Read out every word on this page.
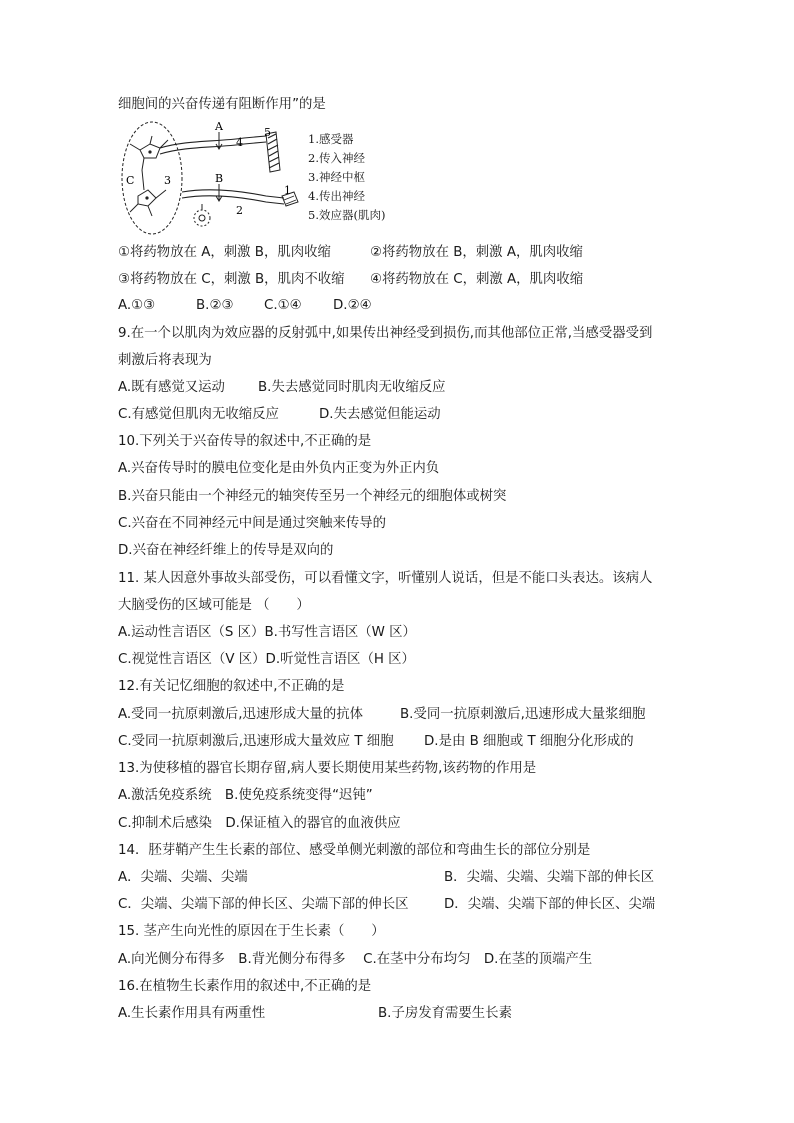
细胞间的兴奋传递有阻断作用”的是
A
B
C	3
4
5
1
2
1.感受器
2.传入神经
3.神经中枢
4.传出神经
5.效应器(肌肉)
①将药物放在 A，刺激 B，肌肉收缩	②将药物放在 B，刺激 A，肌肉收缩
③将药物放在 C，刺激 B，肌肉不收缩 ④将药物放在 C，刺激 A，肌肉收缩
A.①③	B.②③ C.①④ D.②④
9.在一个以肌肉为效应器的反射弧中,如果传出神经受到损伤,而其他部位正常,当感受器受到
刺激后将表现为
A.既有感觉又运动 B.失去感觉同时肌肉无收缩反应
C.有感觉但肌肉无收缩反应	D.失去感觉但能运动
10.下列关于兴奋传导的叙述中,不正确的是
A.兴奋传导时的膜电位变化是由外负内正变为外正内负
B.兴奋只能由一个神经元的轴突传至另一个神经元的细胞体或树突
C.兴奋在不同神经元中间是通过突触来传导的
D.兴奋在神经纤维上的传导是双向的
11. 某人因意外事故头部受伤，可以看懂文字，听懂别人说话，但是不能口头表达。该病人
大脑受伤的区域可能是 （　　）
A.运动性言语区（S 区）B.书写性言语区（W 区）
C.视觉性言语区（V 区）D.听觉性言语区（H 区）
12.有关记忆细胞的叙述中,不正确的是
A.受同一抗原刺激后,迅速形成大量的抗体	B.受同一抗原刺激后,迅速形成大量浆细胞
C.受同一抗原刺激后,迅速形成大量效应 T 细胞 D.是由 B 细胞或 T 细胞分化形成的
13.为使移植的器官长期存留,病人要长期使用某些药物,该药物的作用是
A.激活免疫系统　B.使免疫系统变得“迟钝”
C.抑制术后感染　D.保证植入的器官的血液供应
14．胚芽鞘产生生长素的部位、感受单侧光刺激的部位和弯曲生长的部位分别是
A．尖端、尖端、尖端	B．尖端、尖端、尖端下部的伸长区
C．尖端、尖端下部的伸长区、尖端下部的伸长区	D．尖端、尖端下部的伸长区、尖端
15. 茎产生向光性的原因在于生长素（　　）
A.向光侧分布得多　B.背光侧分布得多　 C.在茎中分布均匀　D.在茎的顶端产生
16.在植物生长素作用的叙述中,不正确的是
A.生长素作用具有两重性	B.子房发育需要生长素
